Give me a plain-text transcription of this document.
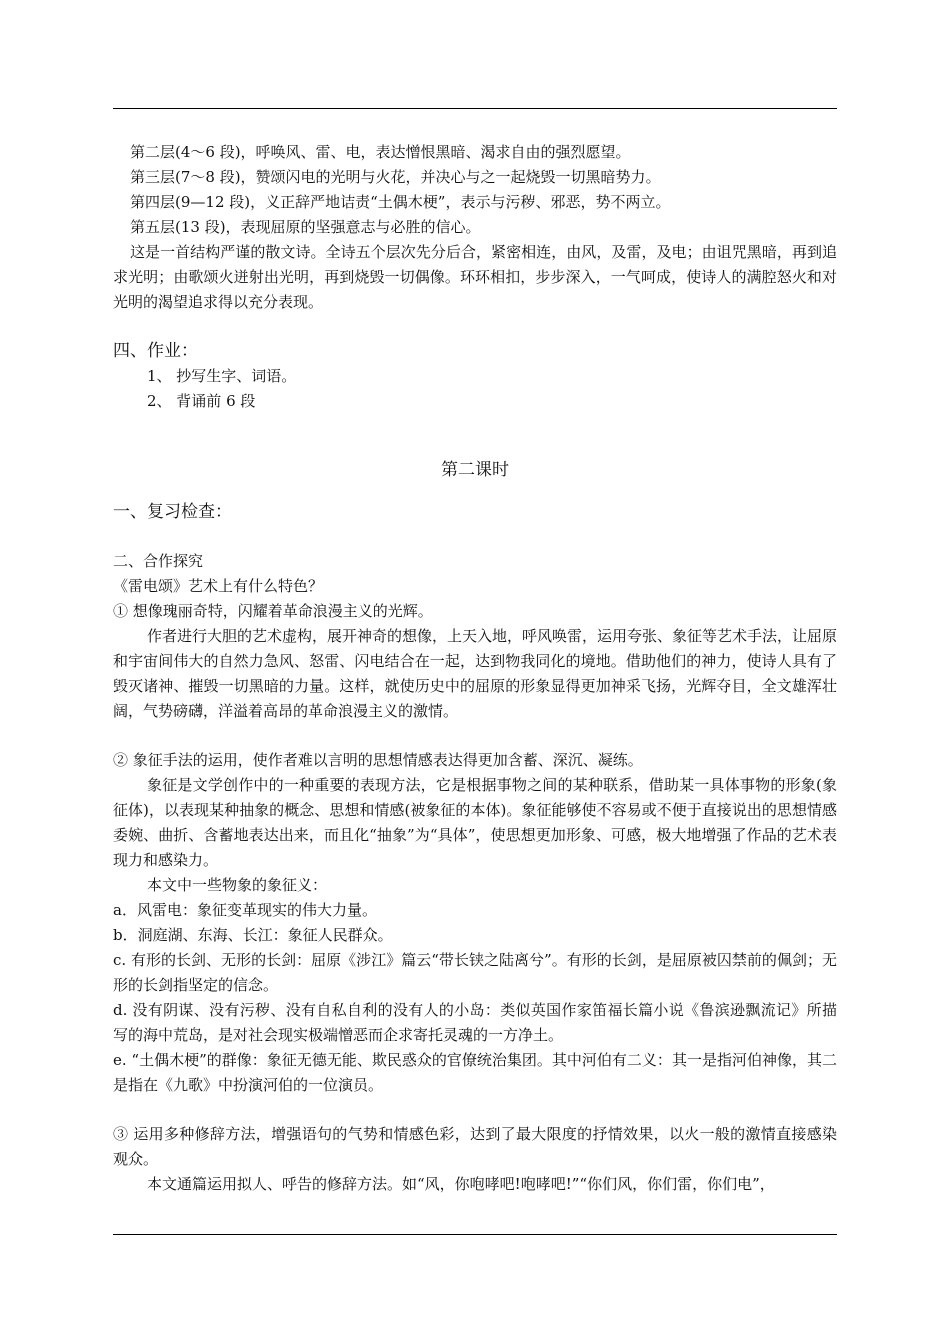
第二层(4～6 段)，呼唤风、雷、电，表达憎恨黑暗、渴求自由的强烈愿望。

第三层(7～8 段)，赞颂闪电的光明与火花，并决心与之一起烧毁一切黑暗势力。

第四层(9—12 段)，义正辞严地诘责“土偶木梗”，表示与污秽、邪恶，势不两立。

第五层(13 段)，表现屈原的坚强意志与必胜的信心。

这是一首结构严谨的散文诗。全诗五个层次先分后合，紧密相连，由风，及雷，及电；由诅咒黑暗，再到追求光明；由歌颂火迸射出光明，再到烧毁一切偶像。环环相扣，步步深入，一气呵成，使诗人的满腔怒火和对光明的渴望追求得以充分表现。

四、作业：

1、 抄写生字、词语。

2、 背诵前 6 段

第二课时

一、复习检查：

二、合作探究

《雷电颂》艺术上有什么特色？

① 想像瑰丽奇特，闪耀着革命浪漫主义的光辉。

作者进行大胆的艺术虚构，展开神奇的想像，上天入地，呼风唤雷，运用夸张、象征等艺术手法，让屈原和宇宙间伟大的自然力急风、怒雷、闪电结合在一起，达到物我同化的境地。借助他们的神力，使诗人具有了毁灭诸神、摧毁一切黑暗的力量。这样，就使历史中的屈原的形象显得更加神采飞扬，光辉夺目，全文雄浑壮阔，气势磅礴，洋溢着高昂的革命浪漫主义的激情。

② 象征手法的运用，使作者难以言明的思想情感表达得更加含蓄、深沉、凝练。

象征是文学创作中的一种重要的表现方法，它是根据事物之间的某种联系，借助某一具体事物的形象(象征体)，以表现某种抽象的概念、思想和情感(被象征的本体)。象征能够使不容易或不便于直接说出的思想情感委婉、曲折、含蓄地表达出来，而且化“抽象”为“具体”，使思想更加形象、可感，极大地增强了作品的艺术表现力和感染力。

本文中一些物象的象征义：

a．风雷电：象征变革现实的伟大力量。

b．洞庭湖、东海、长江：象征人民群众。

c. 有形的长剑、无形的长剑：屈原《涉江》篇云“带长铗之陆离兮”。有形的长剑，是屈原被囚禁前的佩剑；无形的长剑指坚定的信念。

d. 没有阴谋、没有污秽、没有自私自利的没有人的小岛：类似英国作家笛福长篇小说《鲁滨逊飘流记》所描写的海中荒岛，是对社会现实极端憎恶而企求寄托灵魂的一方净土。

e. “土偶木梗”的群像：象征无德无能、欺民惑众的官僚统治集团。其中河伯有二义：其一是指河伯神像，其二是指在《九歌》中扮演河伯的一位演员。

③ 运用多种修辞方法，增强语句的气势和情感色彩，达到了最大限度的抒情效果，以火一般的激情直接感染观众。

本文通篇运用拟人、呼告的修辞方法。如“风，你咆哮吧!咆哮吧!”“你们风，你们雷，你们电”，
